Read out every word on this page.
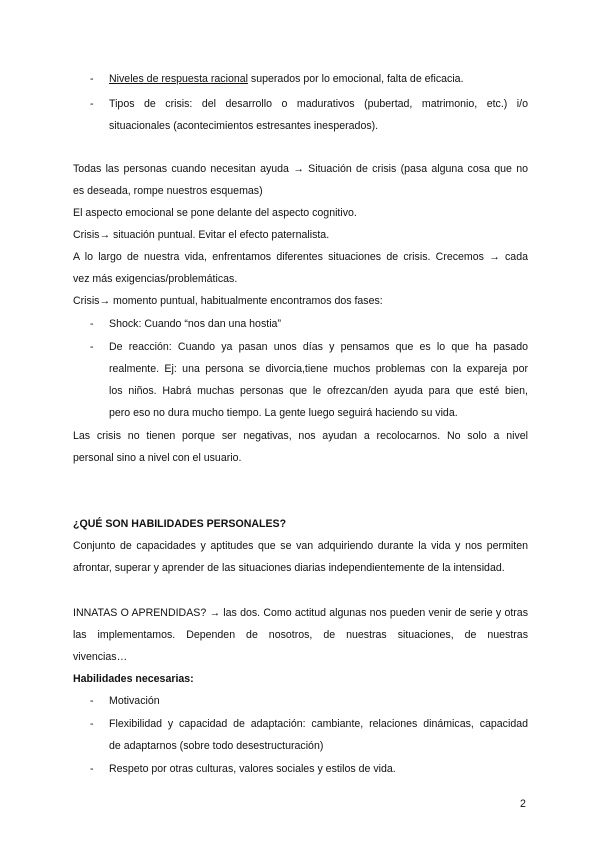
- Niveles de respuesta racional superados por lo emocional, falta de eficacia.
- Tipos de crisis: del desarrollo o madurativos (pubertad, matrimonio, etc.) i/o
situacionales (acontecimientos estresantes inesperados).
Todas las personas cuando necesitan ayuda → Situación de crisis (pasa alguna cosa que no
es deseada, rompe nuestros esquemas)
El aspecto emocional se pone delante del aspecto cognitivo.
Crisis→ situación puntual. Evitar el efecto paternalista.
A lo largo de nuestra vida, enfrentamos diferentes situaciones de crisis. Crecemos → cada
vez más exigencias/problemáticas.
Crisis→ momento puntual, habitualmente encontramos dos fases:
- Shock: Cuando “nos dan una hostia”
- De reacción: Cuando ya pasan unos días y pensamos que es lo que ha pasado
realmente. Ej: una persona se divorcia,tiene muchos problemas con la expareja por
los niños. Habrá muchas personas que le ofrezcan/den ayuda para que esté bien,
pero eso no dura mucho tiempo. La gente luego seguirá haciendo su vida.
Las crisis no tienen porque ser negativas, nos ayudan a recolocarnos. No solo a nivel
personal sino a nivel con el usuario.
¿QUÉ SON HABILIDADES PERSONALES?
Conjunto de capacidades y aptitudes que se van adquiriendo durante la vida y nos permiten
afrontar, superar y aprender de las situaciones diarias independientemente de la intensidad.
INNATAS O APRENDIDAS? → las dos. Como actitud algunas nos pueden venir de serie y otras
las implementamos. Dependen de nosotros, de nuestras situaciones, de nuestras
vivencias…
Habilidades necesarias:
- Motivación
- Flexibilidad y capacidad de adaptación: cambiante, relaciones dinámicas, capacidad
de adaptarnos (sobre todo desestructuración)
- Respeto por otras culturas, valores sociales y estilos de vida.
2
